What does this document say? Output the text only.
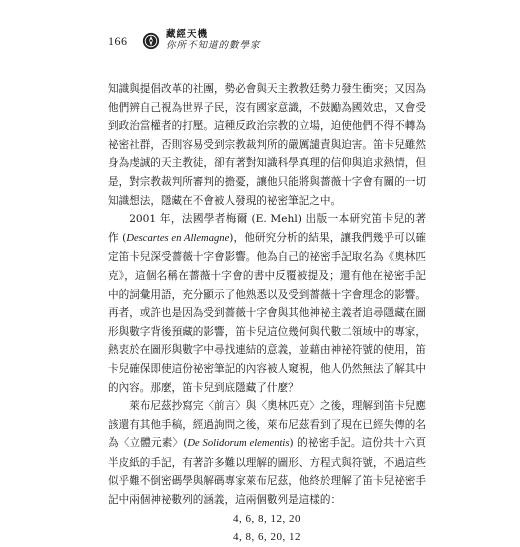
166	藏經天機
你所不知道的數學家

知識與提倡改革的社團，勢必會與天主教教廷勢力發生衝突；又因為他們辨自己視為世界子民，沒有國家意識，不鼓勵為國效忠，又會受到政治當權者的打壓。這種反政治宗教的立場，迫使他們不得不轉為祕密社群，否則容易受到宗教裁判所的嚴厲譴責與迫害。笛卡兒雖然身為虔誠的天主教徒，卻有著對知識科學真理的信仰與追求熱情，但是，對宗教裁判所審判的擔憂，讓他只能將與薔薇十字會有關的一切知識想法，隱藏在不會被人發現的祕密筆記之中。

2001 年，法國學者梅爾 (E. Mehl) 出版一本研究笛卡兒的著作 (Descartes en Allemagne)，他研究分析的結果，讓我們幾乎可以確定笛卡兒深受薔薇十字會影響。他為自己的祕密手記取名為《奧林匹克》，這個名稱在薔薇十字會的書中反覆被提及；還有他在祕密手記中的詞彙用語，充分顯示了他熟悉以及受到薔薇十字會理念的影響。再者，或許也是因為受到薔薇十字會與其他神祕主義者追尋隱藏在圖形與數字背後預藏的影響，笛卡兒這位幾何與代數二領域中的專家，熱衷於在圖形與數字中尋找連結的意義，並藉由神祕符號的使用，笛卡兒確保即使這份祕密筆記的內容被人窺視，他人仍然無法了解其中的內容。那麼，笛卡兒到底隱藏了什麼？

萊布尼茲抄寫完〈前言〉與〈奧林匹克〉之後，理解到笛卡兒應該還有其他手稿，經過詢問之後，萊布尼茲看到了現在已經失傳的名為〈立體元素〉(De Solidorum elementis) 的祕密手記。這份共十六頁半皮紙的手記，有著許多難以理解的圖形、方程式與符號，不過這些似乎難不倒密碼學與解碼專家萊布尼茲，他終於理解了笛卡兒祕密手記中兩個神祕數列的涵義，這兩個數列是這樣的：

4, 6, 8, 12, 20
4, 8, 6, 20, 12
